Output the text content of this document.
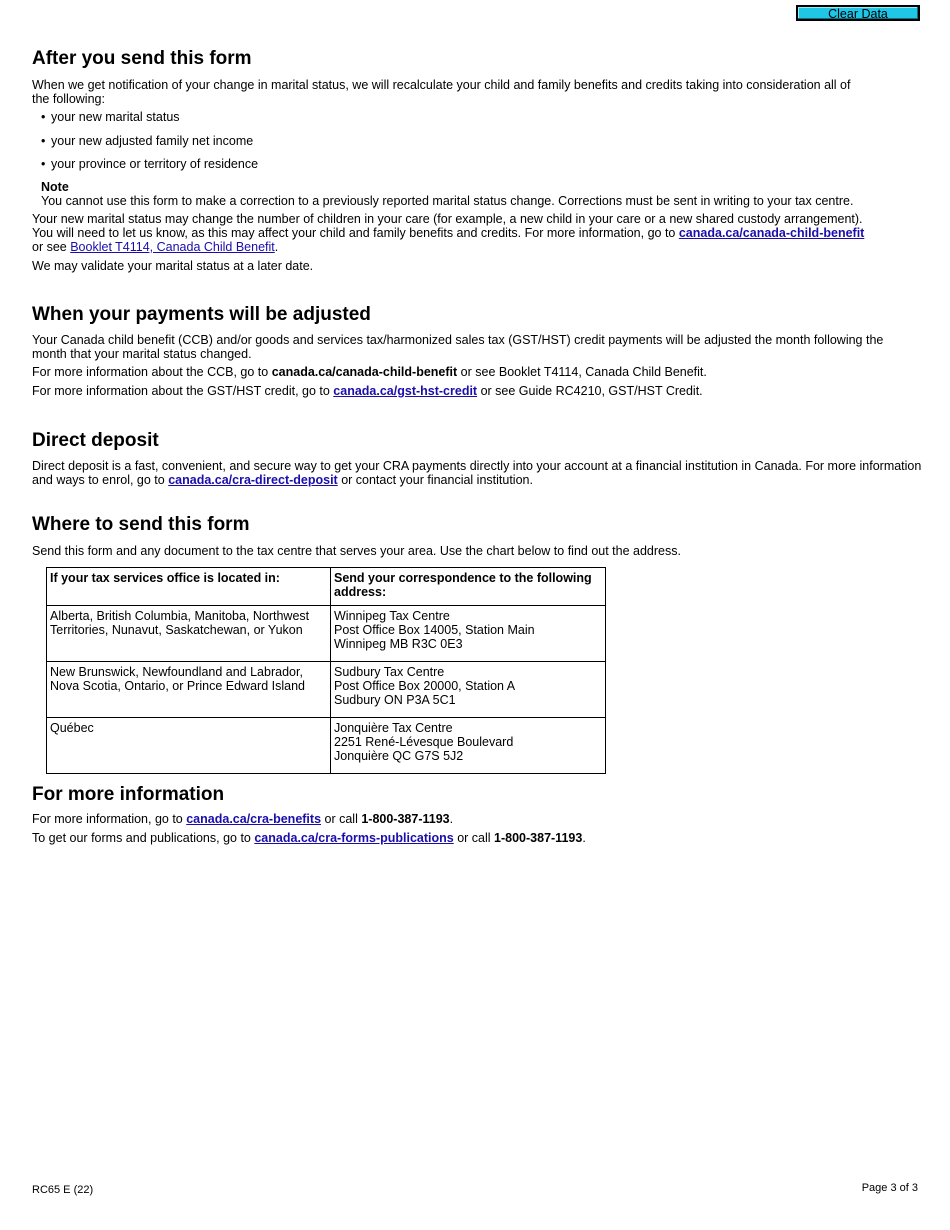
Clear Data
After you send this form

When we get notification of your change in marital status, we will recalculate your child and family benefits and credits taking into consideration all of the following:

• your new marital status
• your new adjusted family net income
• your province or territory of residence

Note

You cannot use this form to make a correction to a previously reported marital status change. Corrections must be sent in writing to your tax centre.

Your new marital status may change the number of children in your care (for example, a new child in your care or a new shared custody arrangement). You will need to let us know, as this may affect your child and family benefits and credits. For more information, go to canada.ca/canada-child-benefit
or see Booklet T4114, Canada Child Benefit.

We may validate your marital status at a later date.

When your payments will be adjusted

Your Canada child benefit (CCB) and/or goods and services tax/harmonized sales tax (GST/HST) credit payments will be adjusted the month following the month that your marital status changed.

For more information about the CCB, go to canada.ca/canada-child-benefit or see Booklet T4114, Canada Child Benefit.

For more information about the GST/HST credit, go to canada.ca/gst-hst-credit or see Guide RC4210, GST/HST Credit.

Direct deposit

Direct deposit is a fast, convenient, and secure way to get your CRA payments directly into your account at a financial institution in Canada. For more information and ways to enrol, go to canada.ca/cra-direct-deposit or contact your financial institution.

Where to send this form

Send this form and any document to the tax centre that serves your area. Use the chart below to find out the address.

For more information

For more information, go to canada.ca/cra-benefits or call 1-800-387-1193.

To get our forms and publications, go to canada.ca/cra-forms-publications or call 1-800-387-1193.

If your tax services office is located in:	Send your correspondence to the following address:
Alberta, British Columbia, Manitoba, Northwest Territories, Nunavut, Saskatchewan, or Yukon	Winnipeg Tax Centre
Post Office Box 14005, Station Main
Winnipeg MB R3C 0E3
New Brunswick, Newfoundland and Labrador, Nova Scotia, Ontario, or Prince Edward Island	Sudbury Tax Centre
Post Office Box 20000, Station A
Sudbury ON P3A 5C1
Québec	Jonquière Tax Centre
2251 René-Lévesque Boulevard
Jonquière QC G7S 5J2
RC65 E (22)	Page 3 of 3
